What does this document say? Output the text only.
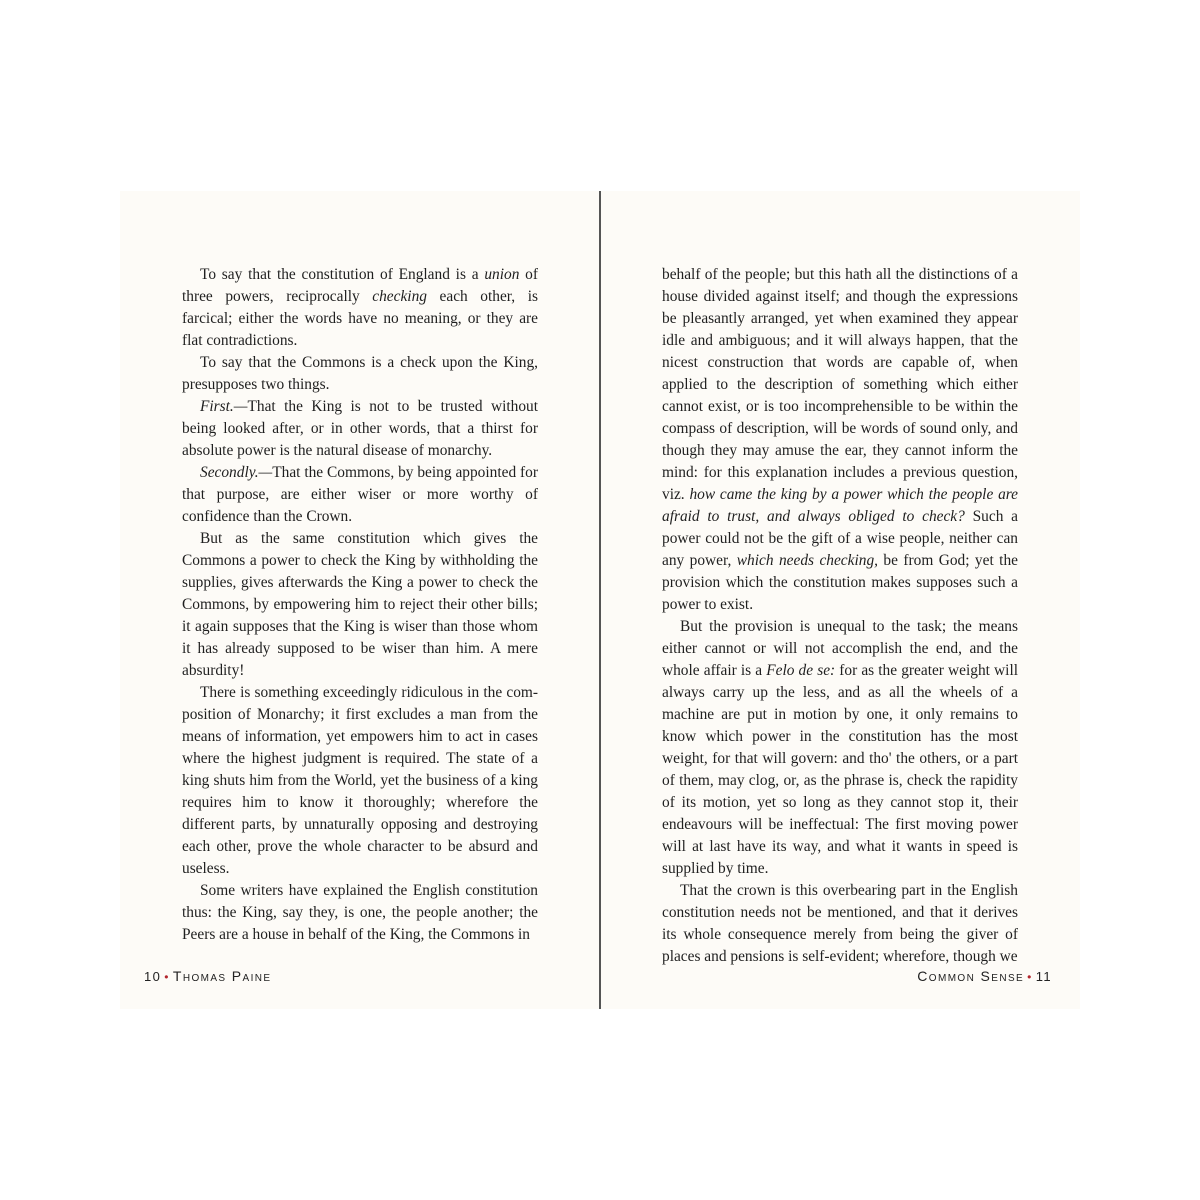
To say that the constitution of England is a union of three powers, reciprocally checking each other, is farcical; either the words have no meaning, or they are flat contradictions.

To say that the Commons is a check upon the King, presupposes two things.

First.—That the King is not to be trusted without being looked after, or in other words, that a thirst for absolute power is the natural disease of monarchy.

Secondly.—That the Commons, by being appointed for that purpose, are either wiser or more worthy of confidence than the Crown.

But as the same constitution which gives the Commons a power to check the King by withholding the supplies, gives afterwards the King a power to check the Commons, by empowering him to reject their other bills; it again supposes that the King is wiser than those whom it has already supposed to be wiser than him. A mere absurdity!

There is something exceedingly ridiculous in the composition of Monarchy; it first excludes a man from the means of information, yet empowers him to act in cases where the highest judgment is required. The state of a king shuts him from the World, yet the business of a king requires him to know it thoroughly; wherefore the different parts, by unnaturally opposing and destroying each other, prove the whole character to be absurd and useless.

Some writers have explained the English constitution thus: the King, say they, is one, the people another; the Peers are a house in behalf of the King, the Commons in

behalf of the people; but this hath all the distinctions of a house divided against itself; and though the expressions be pleasantly arranged, yet when examined they appear idle and ambiguous; and it will always happen, that the nicest construction that words are capable of, when applied to the description of something which either cannot exist, or is too incomprehensible to be within the compass of description, will be words of sound only, and though they may amuse the ear, they cannot inform the mind: for this explanation includes a previous question, viz. how came the king by a power which the people are afraid to trust, and always obliged to check? Such a power could not be the gift of a wise people, neither can any power, which needs checking, be from God; yet the provision which the constitution makes supposes such a power to exist.

But the provision is unequal to the task; the means either cannot or will not accomplish the end, and the whole affair is a Felo de se: for as the greater weight will always carry up the less, and as all the wheels of a machine are put in motion by one, it only remains to know which power in the constitution has the most weight, for that will govern: and tho' the others, or a part of them, may clog, or, as the phrase is, check the rapidity of its motion, yet so long as they cannot stop it, their endeavours will be ineffectual: The first moving power will at last have its way, and what it wants in speed is supplied by time.

That the crown is this overbearing part in the English constitution needs not be mentioned, and that it derives its whole consequence merely from being the giver of places and pensions is self-evident; wherefore, though we

10 • Thomas Paine	Common Sense • 11
